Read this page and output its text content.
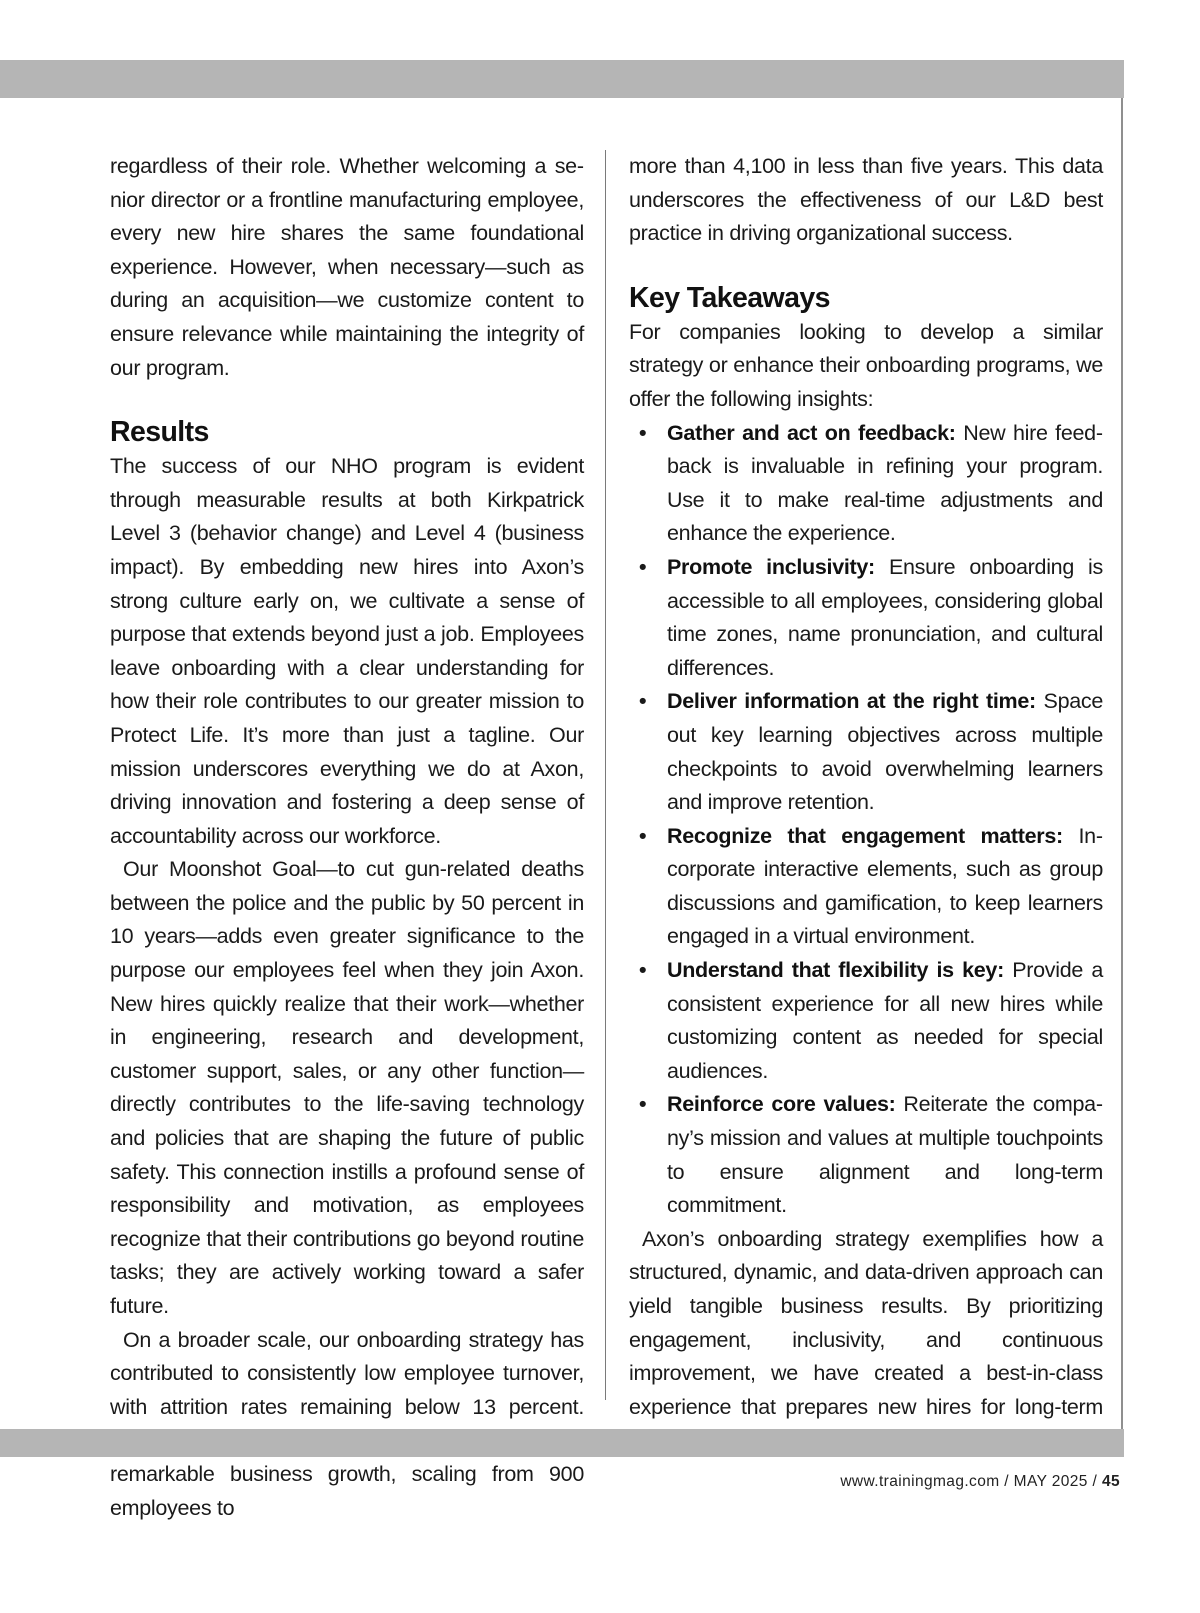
regardless of their role. Whether welcoming a senior director or a frontline manufacturing employee, every new hire shares the same foundational experience. However, when necessary—such as during an acquisition—we customize content to ensure relevance while maintaining the integrity of our program.

Results

The success of our NHO program is evident through measurable results at both Kirkpatrick Level 3 (behavior change) and Level 4 (business impact). By embedding new hires into Axon’s strong culture early on, we cultivate a sense of purpose that extends beyond just a job. Employees leave onboarding with a clear understanding for how their role contributes to our greater mission to Protect Life. It’s more than just a tagline. Our mission underscores everything we do at Axon, driving innovation and fostering a deep sense of accountability across our workforce.

Our Moonshot Goal—to cut gun-related deaths between the police and the public by 50 percent in 10 years—adds even greater significance to the purpose our employees feel when they join Axon. New hires quickly realize that their work—whether in engineering, research and development, customer support, sales, or any other function—directly contributes to the life-saving technology and policies that are shaping the future of public safety. This connection instills a profound sense of responsibility and motivation, as employees recognize that their contributions go beyond routine tasks; they are actively working toward a safer future.

On a broader scale, our onboarding strategy has contributed to consistently low employee turnover, with attrition rates remaining below 13 percent. remarkable business growth, scaling from 900 employees to

more than 4,100 in less than five years. This data underscores the effectiveness of our L&D best practice in driving organizational success.

Key Takeaways

For companies looking to develop a similar strategy or enhance their onboarding programs, we offer the following insights:

• Gather and act on feedback: New hire feedback is invaluable in refining your program. Use it to make real-time adjustments and enhance the experience.
• Promote inclusivity: Ensure onboarding is accessible to all employees, considering global time zones, name pronunciation, and cultural differences.
• Deliver information at the right time: Space out key learning objectives across multiple checkpoints to avoid overwhelming learners and improve retention.
• Recognize that engagement matters: Incorporate interactive elements, such as group discussions and gamification, to keep learners engaged in a virtual environment.
• Understand that flexibility is key: Provide a consistent experience for all new hires while customizing content as needed for special audiences.
• Reinforce core values: Reiterate the company’s mission and values at multiple touchpoints to ensure alignment and long-term commitment.

Axon’s onboarding strategy exemplifies how a structured, dynamic, and data-driven approach can yield tangible business results. By prioritizing engagement, inclusivity, and continuous improvement, we have created a best-in-class experience that prepares new hires for long-term

www.trainingmag.com / MAY 2025 / 45
